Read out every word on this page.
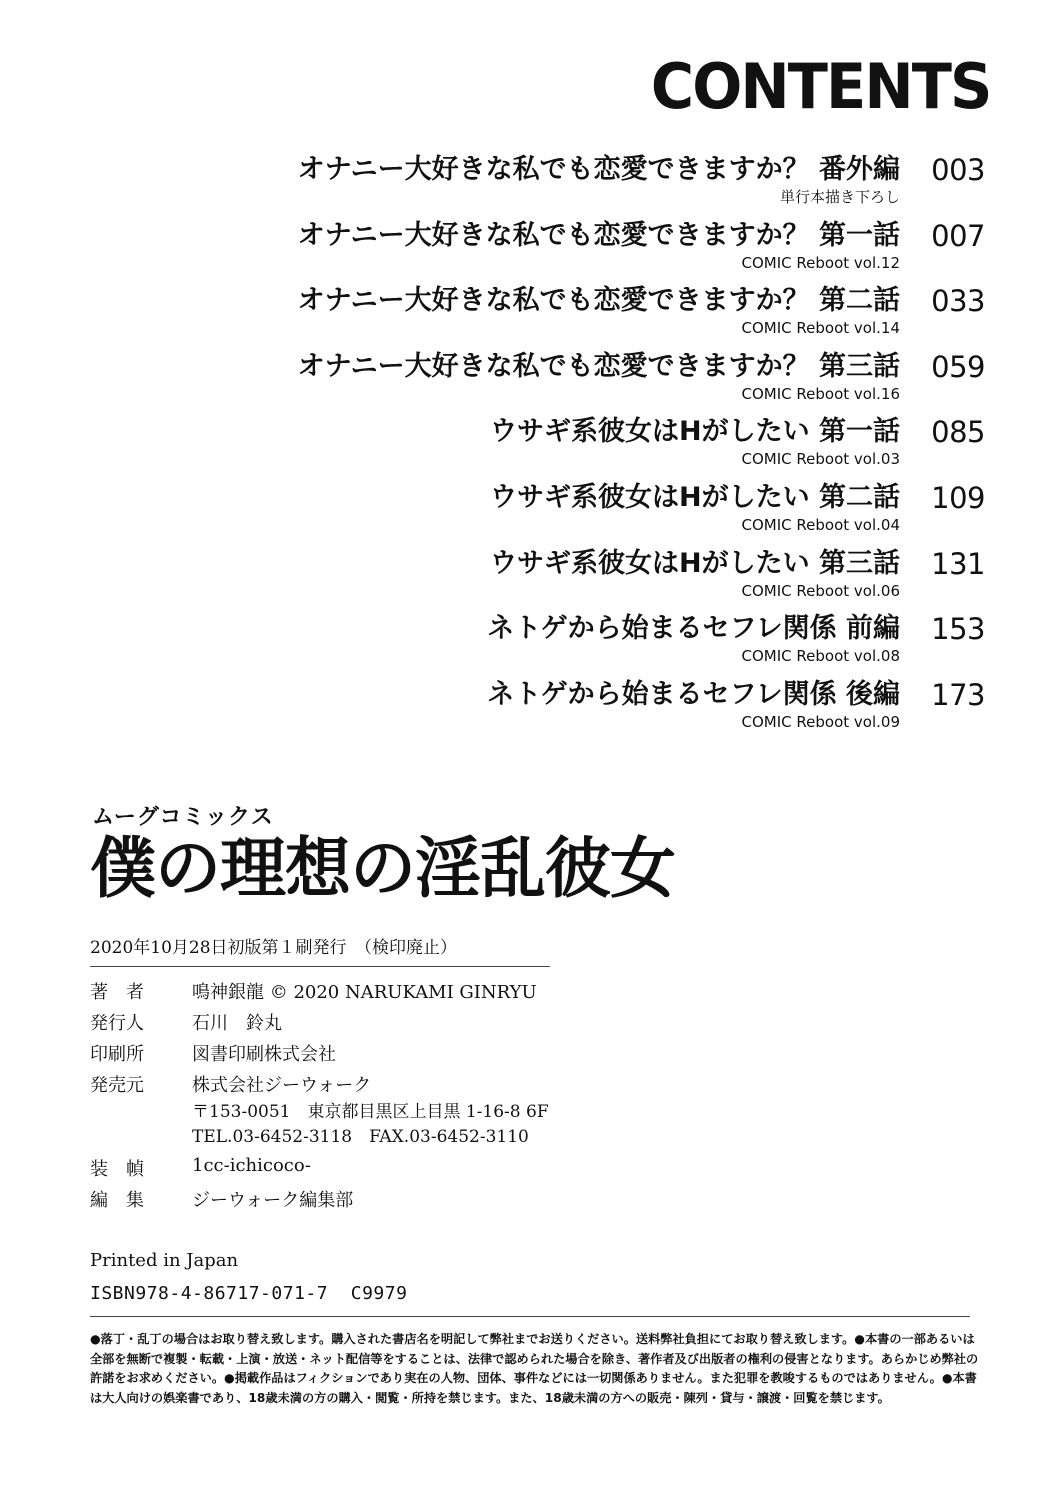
CONTENTS
オナニー大好きな私でも恋愛できますか？ 番外編 003
単行本描き下ろし
オナニー大好きな私でも恋愛できますか？ 第一話 007
COMIC Reboot vol.12
オナニー大好きな私でも恋愛できますか？ 第二話 033
COMIC Reboot vol.14
オナニー大好きな私でも恋愛できますか？ 第三話 059
COMIC Reboot vol.16
ウサギ系彼女はHがしたい 第一話 085
COMIC Reboot vol.03
ウサギ系彼女はHがしたい 第二話 109
COMIC Reboot vol.04
ウサギ系彼女はHがしたい 第三話 131
COMIC Reboot vol.06
ネトゲから始まるセフレ関係 前編 153
COMIC Reboot vol.08
ネトゲから始まるセフレ関係 後編 173
COMIC Reboot vol.09
ムーグコミックス
僕の理想の淫乱彼女
2020年10月28日初版第１刷発行　（検印廃止）
著　者	鳴神銀龍 © 2020 NARUKAMI GINRYU
発行人	石川　鈴丸
印刷所	図書印刷株式会社
発売元	株式会社ジーウォーク
〒153-0051　東京都目黒区上目黒 1-16-8 6F
TEL.03-6452-3118　FAX.03-6452-3110
装　幀	1cc-ichicoco-
編　集	ジーウォーク編集部
Printed in Japan
ISBN978-4-86717-071-7  C9979
●落丁・乱丁の場合はお取り替え致します。購入された書店名を明記して弊社までお送りください。送料弊社負担にてお取り替え致します。●本書の一部あるいは全部を無断で複製・転載・上演・放送・ネット配信等をすることは、法律で認められた場合を除き、著作者及び出版者の権利の侵害となります。あらかじめ弊社の許諾をお求めください。●掲載作品はフィクションであり実在の人物、団体、事件などには一切関係ありません。また犯罪を教唆するものではありません。●本書は大人向けの娯楽書であり、18歳未満の方の購入・閲覧・所持を禁じます。また、18歳未満の方への販売・陳列・貸与・譲渡・回覧を禁じます。
